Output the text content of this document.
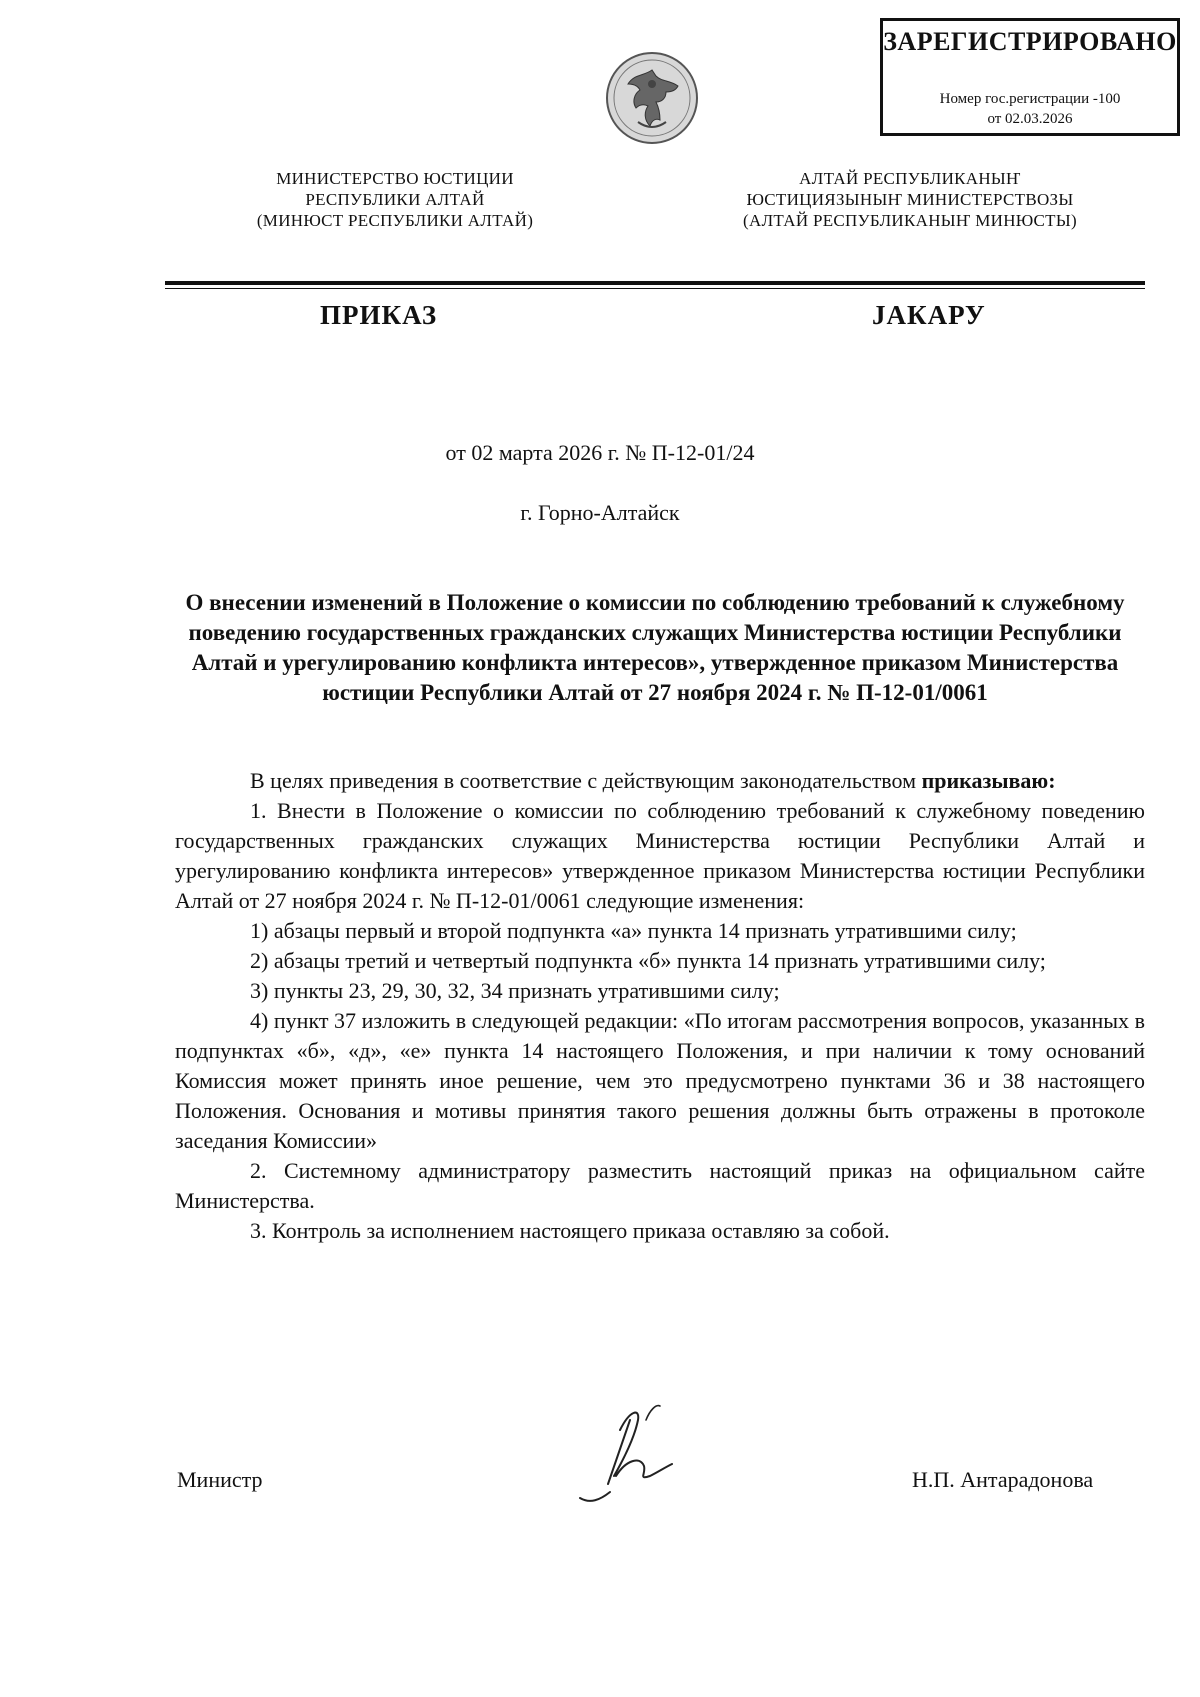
ЗАРЕГИСТРИРОВАНО
Номер гос.регистрации -100
от 02.03.2026
МИНИСТЕРСТВО ЮСТИЦИИ
РЕСПУБЛИКИ АЛТАЙ
(МИНЮСТ РЕСПУБЛИКИ АЛТАЙ)
АЛТАЙ РЕСПУБЛИКАНЫҤ
ЮСТИЦИЯЗЫНЫҤ МИНИСТЕРСТВОЗЫ
(АЛТАЙ РЕСПУБЛИКАНЫҤ МИНЮСТЫ)
ПРИКАЗ	ЈАКАРУ
от 02 марта 2026 г. № П-12-01/24
г. Горно-Алтайск
О внесении изменений в Положение о комиссии по соблюдению требований к служебному поведению государственных гражданских служащих Министерства юстиции Республики Алтай и урегулированию конфликта интересов», утвержденное приказом Министерства юстиции Республики Алтай от 27 ноября 2024 г. № П-12-01/0061

В целях приведения в соответствие с действующим законодательством приказываю:

1. Внести в Положение о комиссии по соблюдению требований к служебному поведению государственных гражданских служащих Министерства юстиции Республики Алтай и урегулированию конфликта интересов» утвержденное приказом Министерства юстиции Республики Алтай от 27 ноября 2024 г. № П-12-01/0061 следующие изменения:

1) абзацы первый и второй подпункта «а» пункта 14 признать утратившими силу;

2) абзацы третий и четвертый подпункта «б» пункта 14 признать утратившими силу;

3) пункты 23, 29, 30, 32, 34 признать утратившими силу;

4) пункт 37 изложить в следующей редакции: «По итогам рассмотрения вопросов, указанных в подпунктах «б», «д», «е» пункта 14 настоящего Положения, и при наличии к тому оснований Комиссия может принять иное решение, чем это предусмотрено пунктами 36 и 38 настоящего Положения. Основания и мотивы принятия такого решения должны быть отражены в протоколе заседания Комиссии»

2. Системному администратору разместить настоящий приказ на официальном сайте Министерства.

3. Контроль за исполнением настоящего приказа оставляю за собой.

Министр	Н.П. Антарадонова
